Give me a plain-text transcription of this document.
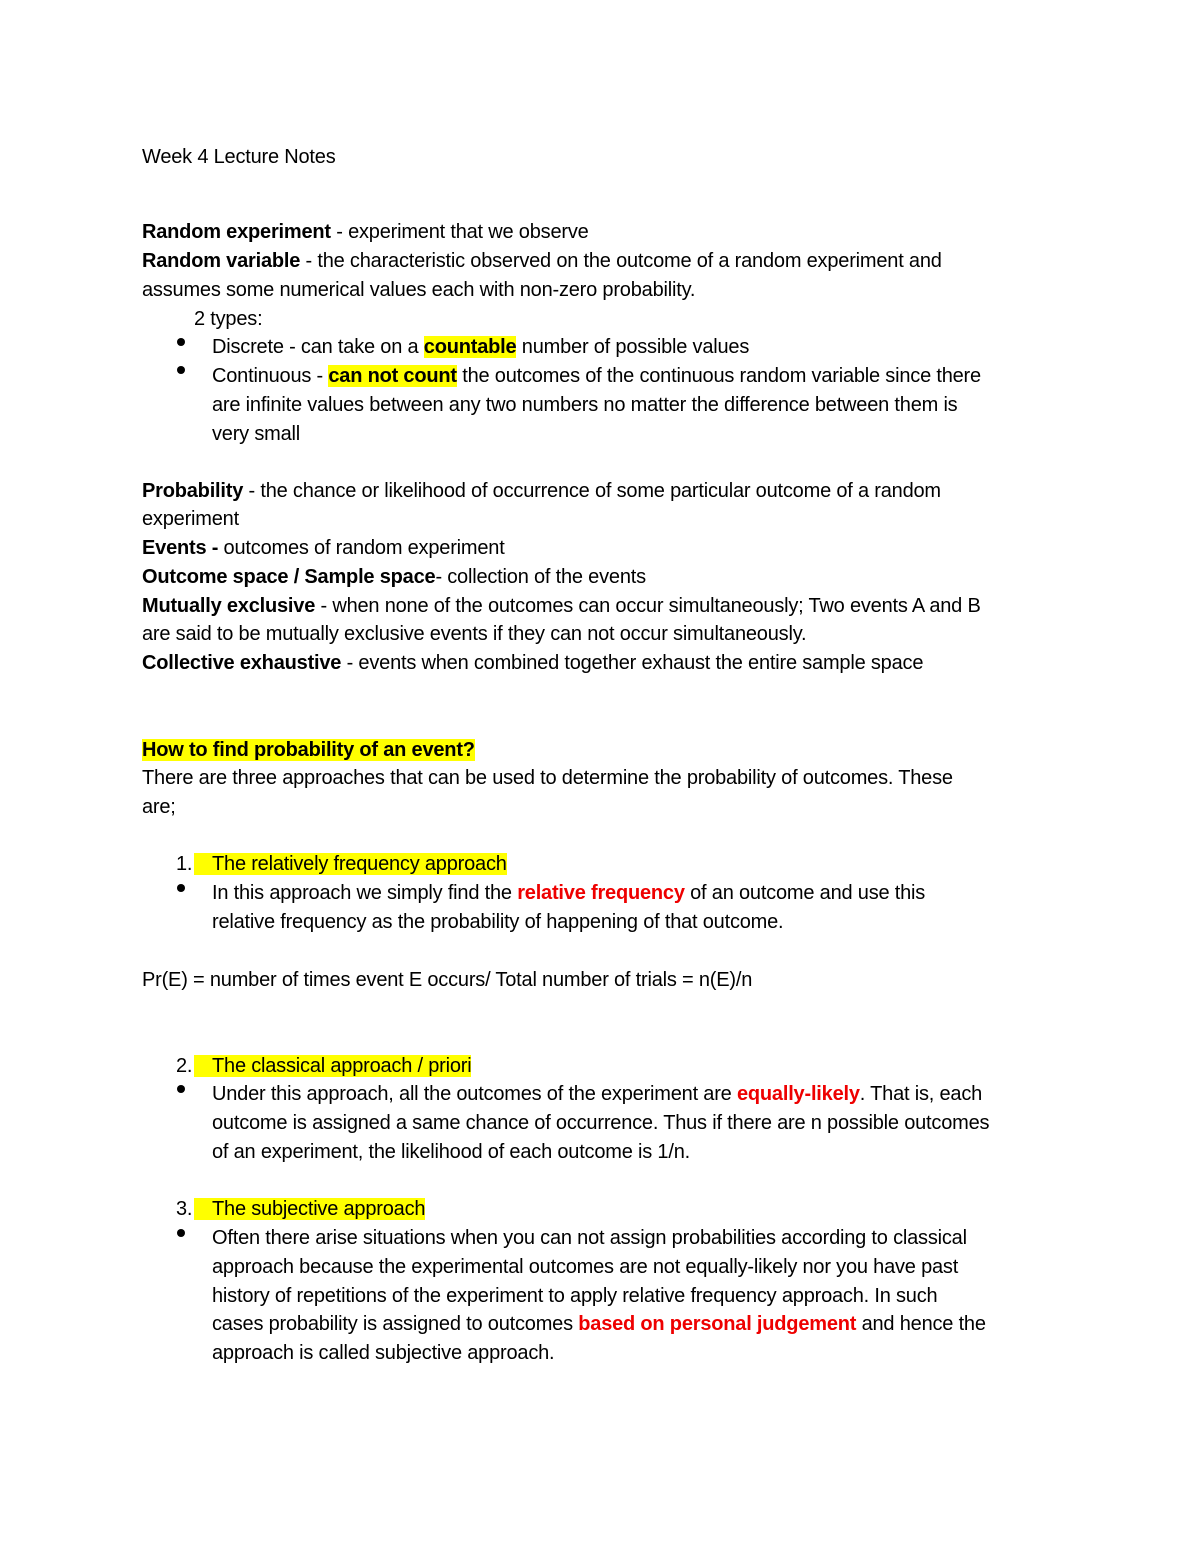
Week 4 Lecture Notes
Random experiment - experiment that we observe
Random variable - the characteristic observed on the outcome of a random experiment and
assumes some numerical values each with non-zero probability.
2 types:
Discrete - can take on a countable number of possible values
Continuous - can not count the outcomes of the continuous random variable since there
are infinite values between any two numbers no matter the difference between them is
very small
Probability - the chance or likelihood of occurrence of some particular outcome of a random
experiment
Events - outcomes of random experiment
Outcome space / Sample space- collection of the events
Mutually exclusive - when none of the outcomes can occur simultaneously; Two events A and B
are said to be mutually exclusive events if they can not occur simultaneously.
Collective exhaustive - events when combined together exhaust the entire sample space
How to find probability of an event?
There are three approaches that can be used to determine the probability of outcomes. These
are;
1. The relatively frequency approach
In this approach we simply find the relative frequency of an outcome and use this
relative frequency as the probability of happening of that outcome.
Pr(E) = number of times event E occurs/ Total number of trials = n(E)/n
2. The classical approach / priori
Under this approach, all the outcomes of the experiment are equally-likely. That is, each
outcome is assigned a same chance of occurrence. Thus if there are n possible outcomes
of an experiment, the likelihood of each outcome is 1/n.
3. The subjective approach
Often there arise situations when you can not assign probabilities according to classical
approach because the experimental outcomes are not equally-likely nor you have past
history of repetitions of the experiment to apply relative frequency approach. In such
cases probability is assigned to outcomes based on personal judgement and hence the
approach is called subjective approach.
